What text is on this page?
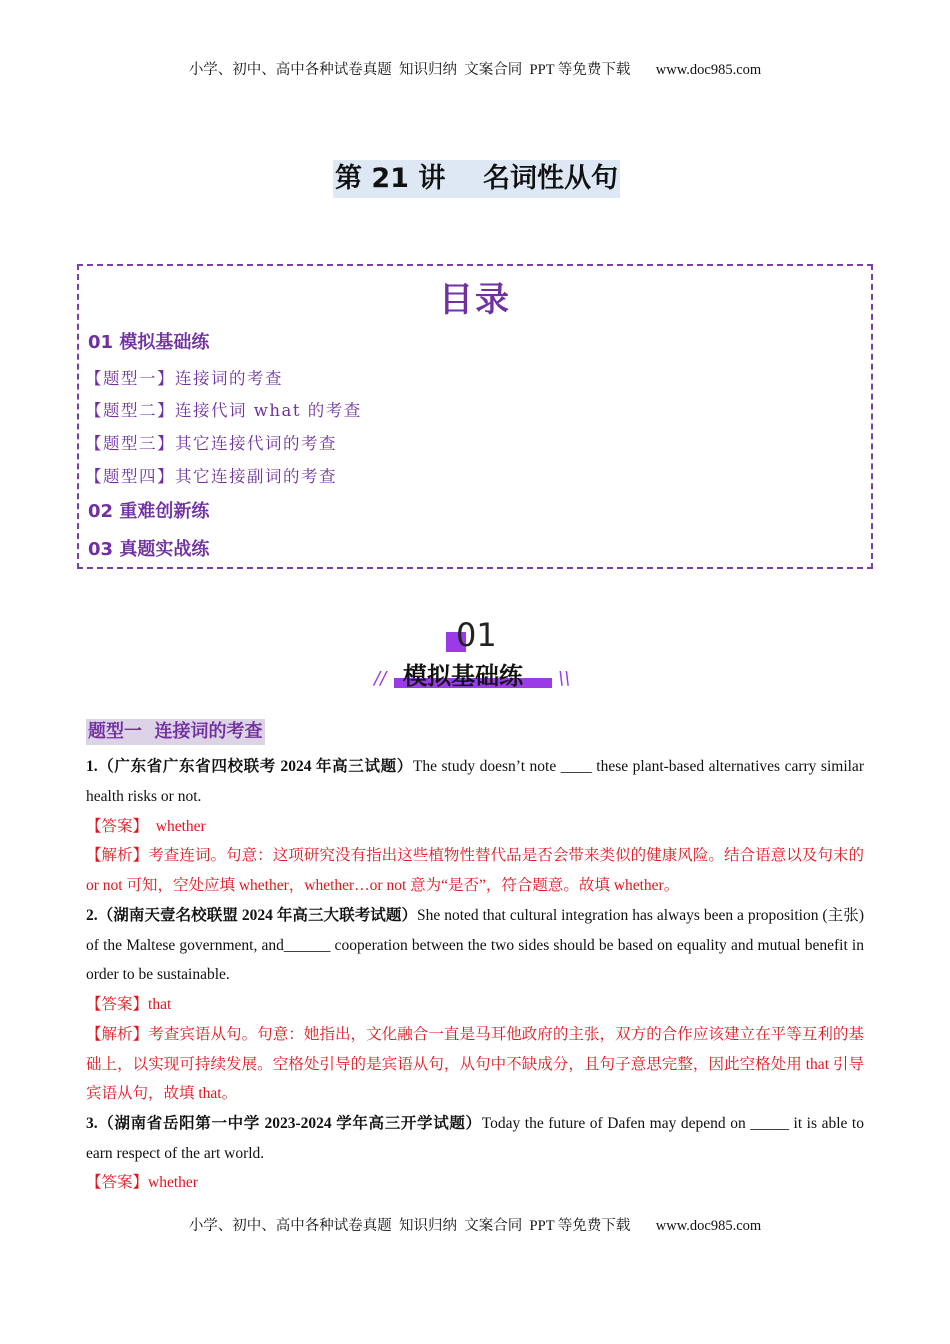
小学、初中、高中各种试卷真题  知识归纳  文案合同  PPT 等免费下载       www.doc985.com
第 21 讲    名词性从句
目录
01 模拟基础练
【题型一】连接词的考查
【题型二】连接代词 what 的考查
【题型三】其它连接代词的考查
【题型四】其它连接副词的考查
02 重难创新练
03 真题实战练
01
模拟基础练
//	\\
题型一  连接词的考查
1.（广东省广东省四校联考 2024 年高三试题）The study doesn’t note ____ these plant-based alternatives carry similar health risks or not.
【答案】  whether
【解析】考查连词。句意：这项研究没有指出这些植物性替代品是否会带来类似的健康风险。结合语意以及句末的 or not 可知，空处应填 whether，whether…or not 意为“是否”，符合题意。故填 whether。
2.（湖南天壹名校联盟 2024 年高三大联考试题）She noted that cultural integration has always been a proposition (主张) of the Maltese government, and______ cooperation between the two sides should be based on equality and mutual benefit in order to be sustainable.
【答案】that
【解析】考查宾语从句。句意：她指出，文化融合一直是马耳他政府的主张，双方的合作应该建立在平等互利的基础上，以实现可持续发展。空格处引导的是宾语从句，从句中不缺成分，且句子意思完整，因此空格处用 that 引导宾语从句，故填 that。
3.（湖南省岳阳第一中学 2023-2024 学年高三开学试题）Today the future of Dafen may depend on _____ it is able to earn respect of the art world.
【答案】whether
小学、初中、高中各种试卷真题  知识归纳  文案合同  PPT 等免费下载       www.doc985.com
